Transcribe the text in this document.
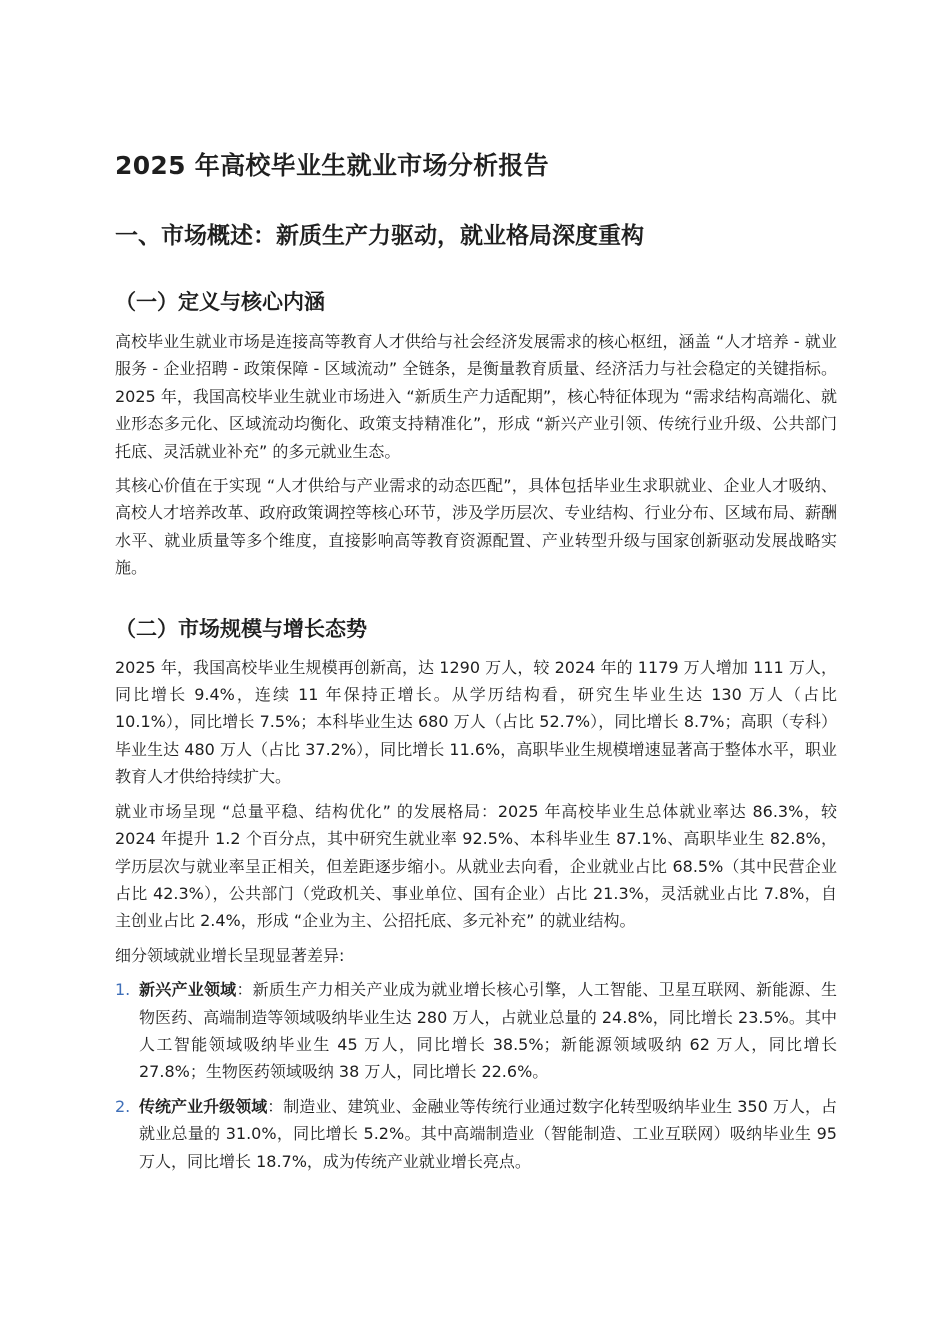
2025 年高校毕业生就业市场分析报告
一、市场概述：新质生产力驱动，就业格局深度重构
（一）定义与核心内涵

高校毕业生就业市场是连接高等教育人才供给与社会经济发展需求的核心枢纽，涵盖 “人才培养 - 就业服务 - 企业招聘 - 政策保障 - 区域流动” 全链条，是衡量教育质量、经济活力与社会稳定的关键指标。2025 年，我国高校毕业生就业市场进入 “新质生产力适配期”，核心特征体现为 “需求结构高端化、就业形态多元化、区域流动均衡化、政策支持精准化”，形成 “新兴产业引领、传统行业升级、公共部门托底、灵活就业补充” 的多元就业生态。

其核心价值在于实现 “人才供给与产业需求的动态匹配”，具体包括毕业生求职就业、企业人才吸纳、高校人才培养改革、政府政策调控等核心环节，涉及学历层次、专业结构、行业分布、区域布局、薪酬水平、就业质量等多个维度，直接影响高等教育资源配置、产业转型升级与国家创新驱动发展战略实施。

（二）市场规模与增长态势

2025 年，我国高校毕业生规模再创新高，达 1290 万人，较 2024 年的 1179 万人增加 111 万人，同比增长 9.4%，连续 11 年保持正增长。从学历结构看，研究生毕业生达 130 万人（占比 10.1%），同比增长 7.5%；本科毕业生达 680 万人（占比 52.7%），同比增长 8.7%；高职（专科）毕业生达 480 万人（占比 37.2%），同比增长 11.6%，高职毕业生规模增速显著高于整体水平，职业教育人才供给持续扩大。

就业市场呈现 “总量平稳、结构优化” 的发展格局：2025 年高校毕业生总体就业率达 86.3%，较 2024 年提升 1.2 个百分点，其中研究生就业率 92.5%、本科毕业生 87.1%、高职毕业生 82.8%，学历层次与就业率呈正相关，但差距逐步缩小。从就业去向看，企业就业占比 68.5%（其中民营企业占比 42.3%），公共部门（党政机关、事业单位、国有企业）占比 21.3%，灵活就业占比 7.8%，自主创业占比 2.4%，形成 “企业为主、公招托底、多元补充” 的就业结构。

细分领域就业增长呈现显著差异:

1. 新兴产业领域：新质生产力相关产业成为就业增长核心引擎，人工智能、卫星互联网、新能源、生物医药、高端制造等领域吸纳毕业生达 280 万人，占就业总量的 24.8%，同比增长 23.5%。其中人工智能领域吸纳毕业生 45 万人，同比增长 38.5%；新能源领域吸纳 62 万人，同比增长 27.8%；生物医药领域吸纳 38 万人，同比增长 22.6%。
2. 传统产业升级领域：制造业、建筑业、金融业等传统行业通过数字化转型吸纳毕业生 350 万人，占就业总量的 31.0%，同比增长 5.2%。其中高端制造业（智能制造、工业互联网）吸纳毕业生 95 万人，同比增长 18.7%，成为传统产业就业增长亮点。
